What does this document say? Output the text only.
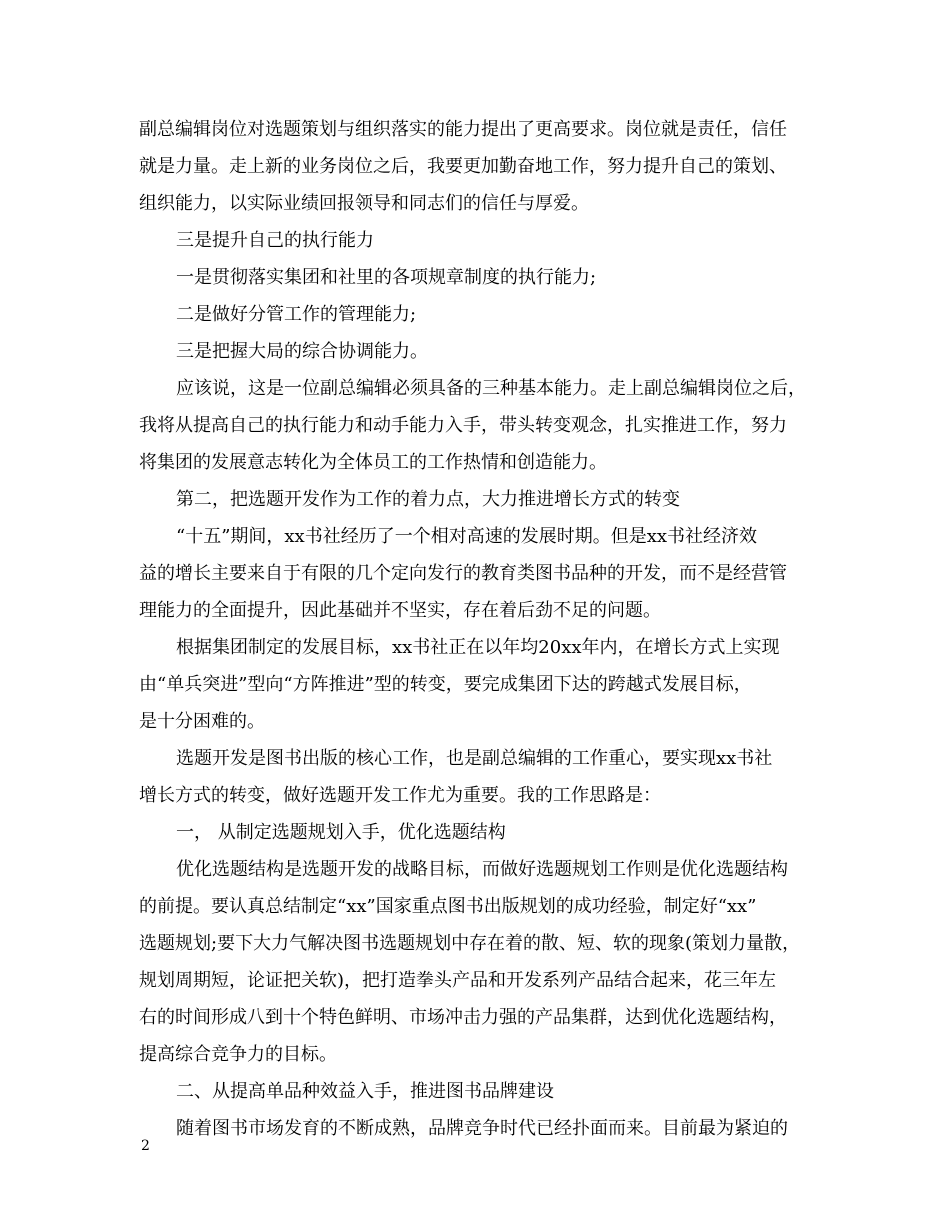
副总编辑岗位对选题策划与组织落实的能力提出了更高要求。岗位就是责任，信任
就是力量。走上新的业务岗位之后，我要更加勤奋地工作，努力提升自己的策划、
组织能力，以实际业绩回报领导和同志们的信任与厚爱。
三是提升自己的执行能力
一是贯彻落实集团和社里的各项规章制度的执行能力;
二是做好分管工作的管理能力;
三是把握大局的综合协调能力。
应该说，这是一位副总编辑必须具备的三种基本能力。走上副总编辑岗位之后，
我将从提高自己的执行能力和动手能力入手，带头转变观念，扎实推进工作，努力
将集团的发展意志转化为全体员工的工作热情和创造能力。
第二，把选题开发作为工作的着力点，大力推进增长方式的转变
“十五”期间，xx书社经历了一个相对高速的发展时期。但是xx书社经济效
益的增长主要来自于有限的几个定向发行的教育类图书品种的开发，而不是经营管
理能力的全面提升，因此基础并不坚实，存在着后劲不足的问题。
根据集团制定的发展目标，xx书社正在以年均20xx年内，在增长方式上实现
由“单兵突进”型向“方阵推进”型的转变，要完成集团下达的跨越式发展目标，
是十分困难的。
选题开发是图书出版的核心工作，也是副总编辑的工作重心，要实现xx书社
增长方式的转变，做好选题开发工作尤为重要。我的工作思路是：
一， 从制定选题规划入手，优化选题结构
优化选题结构是选题开发的战略目标，而做好选题规划工作则是优化选题结构
的前提。要认真总结制定“xx”国家重点图书出版规划的成功经验，制定好“xx”
选题规划;要下大力气解决图书选题规划中存在着的散、短、软的现象(策划力量散，
规划周期短，论证把关软)，把打造拳头产品和开发系列产品结合起来，花三年左
右的时间形成八到十个特色鲜明、市场冲击力强的产品集群，达到优化选题结构，
提高综合竞争力的目标。
二、从提高单品种效益入手，推进图书品牌建设
随着图书市场发育的不断成熟，品牌竞争时代已经扑面而来。目前最为紧迫的
2
